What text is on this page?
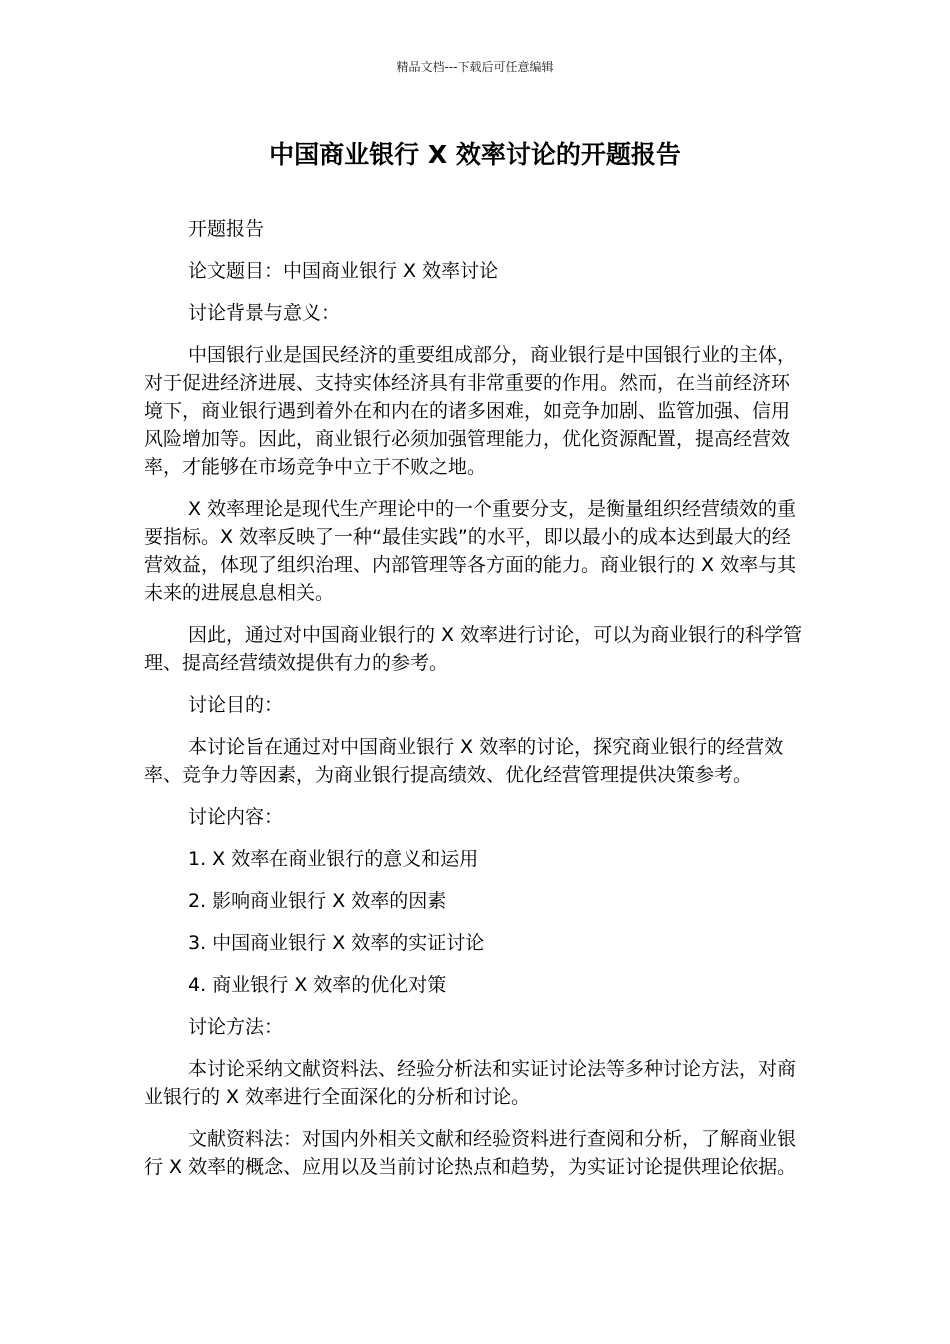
精品文档---下载后可任意编辑
中国商业银行 X 效率讨论的开题报告

开题报告

论文题目：中国商业银行 X 效率讨论

讨论背景与意义：

中国银行业是国民经济的重要组成部分，商业银行是中国银行业的主体，对于促进经济进展、支持实体经济具有非常重要的作用。然而，在当前经济环境下，商业银行遇到着外在和内在的诸多困难，如竞争加剧、监管加强、信用风险增加等。因此，商业银行必须加强管理能力，优化资源配置，提高经营效率，才能够在市场竞争中立于不败之地。

X 效率理论是现代生产理论中的一个重要分支，是衡量组织经营绩效的重要指标。X 效率反映了一种“最佳实践”的水平，即以最小的成本达到最大的经营效益，体现了组织治理、内部管理等各方面的能力。商业银行的 X 效率与其未来的进展息息相关。

因此，通过对中国商业银行的 X 效率进行讨论，可以为商业银行的科学管理、提高经营绩效提供有力的参考。

讨论目的：

本讨论旨在通过对中国商业银行 X 效率的讨论，探究商业银行的经营效率、竞争力等因素，为商业银行提高绩效、优化经营管理提供决策参考。

讨论内容：

1. X 效率在商业银行的意义和运用

2. 影响商业银行 X 效率的因素

3. 中国商业银行 X 效率的实证讨论

4. 商业银行 X 效率的优化对策

讨论方法：

本讨论采纳文献资料法、经验分析法和实证讨论法等多种讨论方法，对商业银行的 X 效率进行全面深化的分析和讨论。

文献资料法：对国内外相关文献和经验资料进行查阅和分析，了解商业银行 X 效率的概念、应用以及当前讨论热点和趋势，为实证讨论提供理论依据。
